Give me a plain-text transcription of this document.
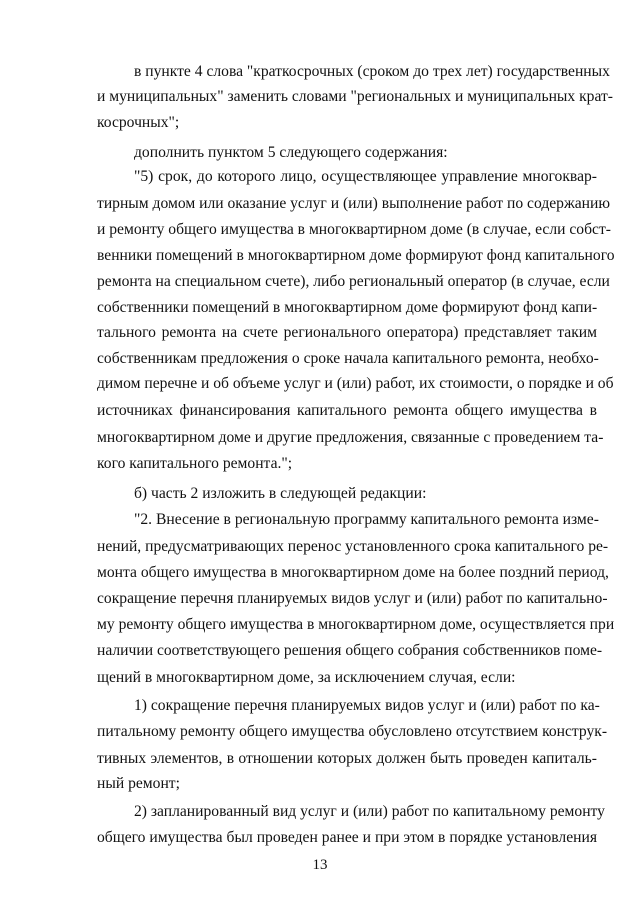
в пункте 4 слова "краткосрочных (сроком до трех лет) государственных
и муниципальных" заменить словами "региональных и муниципальных крат-
косрочных";
дополнить пунктом 5 следующего содержания:
"5) срок, до которого лицо, осуществляющее управление многоквар-
тирным домом или оказание услуг и (или) выполнение работ по содержанию
и ремонту общего имущества в многоквартирном доме (в случае, если собст-
венники помещений в многоквартирном доме формируют фонд капитального
ремонта на специальном счете), либо региональный оператор (в случае, если
собственники помещений в многоквартирном доме формируют фонд капи-
тального ремонта на счете регионального оператора) представляет таким
собственникам предложения о сроке начала капитального ремонта, необхо-
димом перечне и об объеме услуг и (или) работ, их стоимости, о порядке и об
источниках финансирования капитального ремонта общего имущества в
многоквартирном доме и другие предложения, связанные с проведением та-
кого капитального ремонта.";
б) часть 2 изложить в следующей редакции:
"2. Внесение в региональную программу капитального ремонта изме-
нений, предусматривающих перенос установленного срока капитального ре-
монта общего имущества в многоквартирном доме на более поздний период,
сокращение перечня планируемых видов услуг и (или) работ по капитально-
му ремонту общего имущества в многоквартирном доме, осуществляется при
наличии соответствующего решения общего собрания собственников поме-
щений в многоквартирном доме, за исключением случая, если:
1) сокращение перечня планируемых видов услуг и (или) работ по ка-
питальному ремонту общего имущества обусловлено отсутствием конструк-
тивных элементов, в отношении которых должен быть проведен капиталь-
ный ремонт;
2) запланированный вид услуг и (или) работ по капитальному ремонту
общего имущества был проведен ранее и при этом в порядке установления
13
